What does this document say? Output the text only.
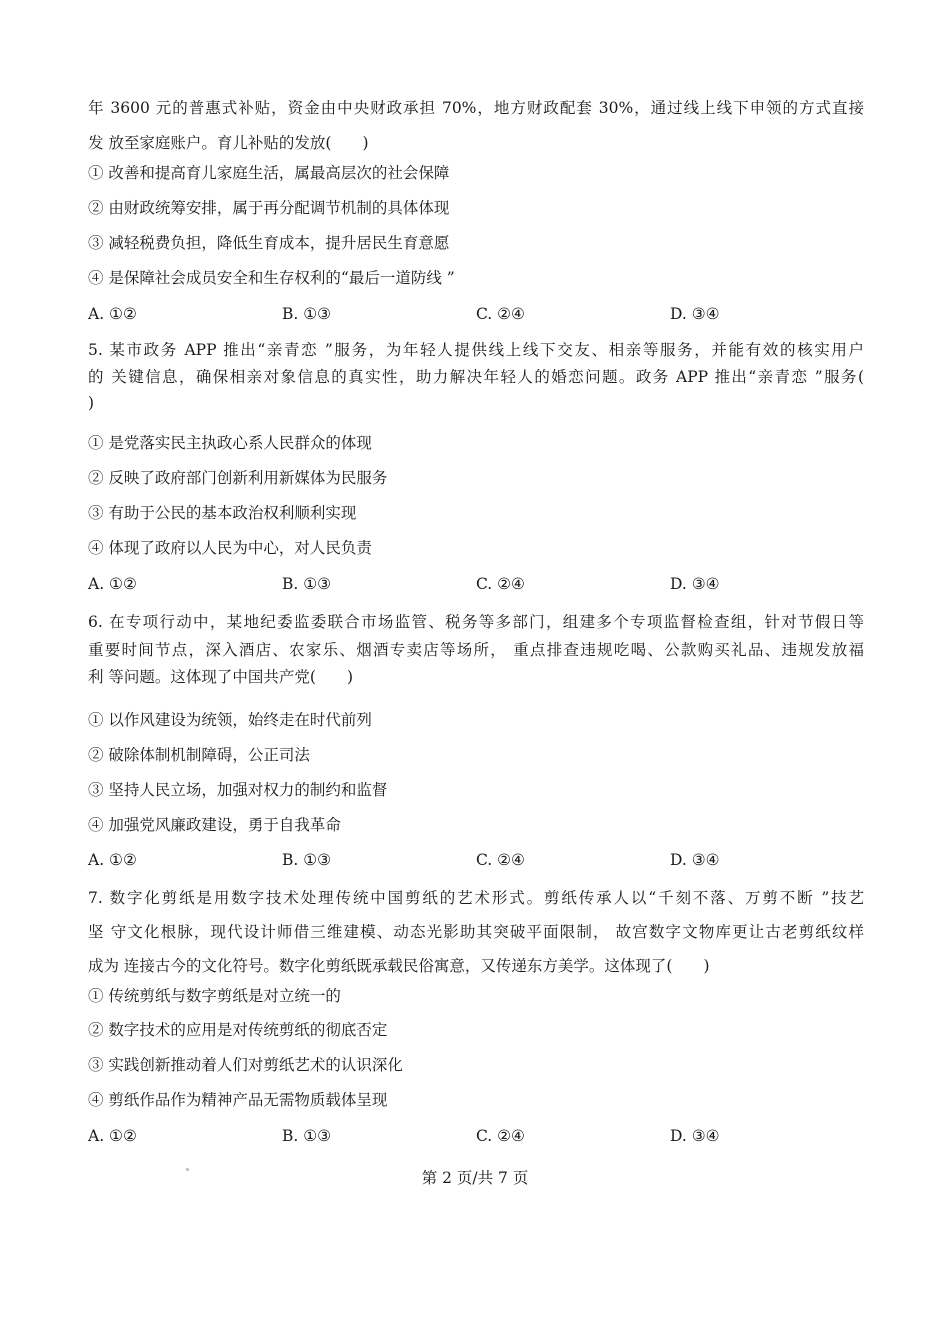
年 3600 元的普惠式补贴，资金由中央财政承担 70%，地方财政配套 30%，通过线上线下申领的方式直接
发 放至家庭账户。育儿补贴的发放(　　)
① 改善和提高育儿家庭生活，属最高层次的社会保障
② 由财政统筹安排，属于再分配调节机制的具体体现
③ 减轻税费负担，降低生育成本，提升居民生育意愿
④ 是保障社会成员安全和生存权利的“最后一道防线 ”
A. ①②	B. ①③	C. ②④	D. ③④
5. 某市政务 APP 推出“亲青恋 ”服务，为年轻人提供线上线下交友、相亲等服务，并能有效的核实用户
的 关键信息，确保相亲对象信息的真实性，助力解决年轻人的婚恋问题。政务 APP 推出“亲青恋 ”服务(
)
① 是党落实民主执政心系人民群众的体现
② 反映了政府部门创新利用新媒体为民服务
③ 有助于公民的基本政治权利顺利实现
④ 体现了政府以人民为中心，对人民负责
A. ①②	B. ①③	C. ②④	D. ③④
6. 在专项行动中，某地纪委监委联合市场监管、税务等多部门，组建多个专项监督检查组，针对节假日等
重要时间节点，深入酒店、农家乐、烟酒专卖店等场所， 重点排查违规吃喝、公款购买礼品、违规发放福
利 等问题。这体现了中国共产党(　　)
① 以作风建设为统领，始终走在时代前列
② 破除体制机制障碍，公正司法
③ 坚持人民立场，加强对权力的制约和监督
④ 加强党风廉政建设，勇于自我革命
A. ①②	B. ①③	C. ②④	D. ③④
7. 数字化剪纸是用数字技术处理传统中国剪纸的艺术形式。剪纸传承人以“千刻不落、万剪不断 ”技艺
坚 守文化根脉，现代设计师借三维建模、动态光影助其突破平面限制， 故宫数字文物库更让古老剪纸纹样
成为 连接古今的文化符号。数字化剪纸既承载民俗寓意，又传递东方美学。这体现了(　　)
① 传统剪纸与数字剪纸是对立统一的
② 数字技术的应用是对传统剪纸的彻底否定
③ 实践创新推动着人们对剪纸艺术的认识深化
④ 剪纸作品作为精神产品无需物质载体呈现
A. ①②	B. ①③	C. ②④	D. ③④
第 2 页/共 7 页
